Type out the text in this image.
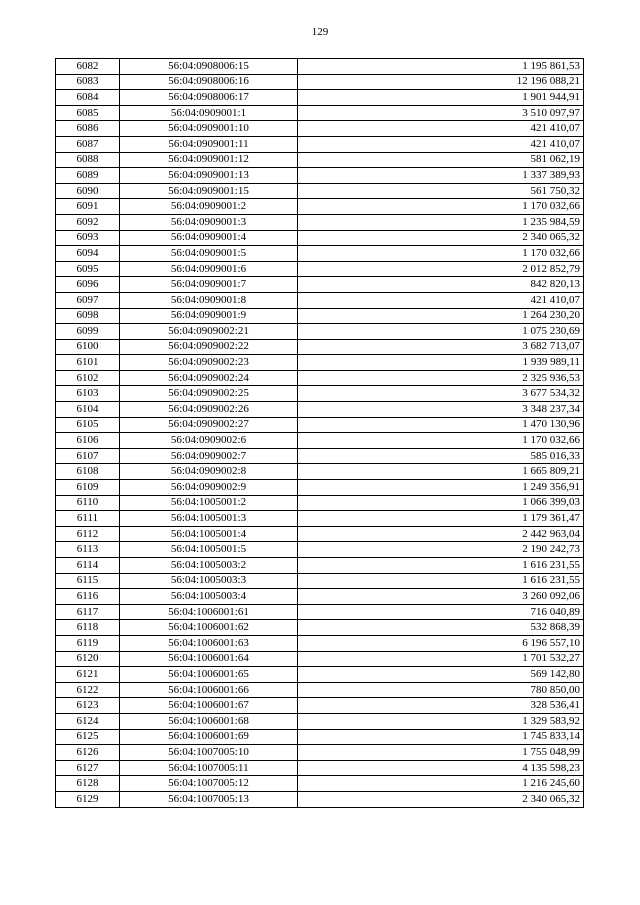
129
6082	56:04:0908006:15	1 195 861,53
6083	56:04:0908006:16	12 196 088,21
6084	56:04:0908006:17	1 901 944,91
6085	56:04:0909001:1	3 510 097,97
6086	56:04:0909001:10	421 410,07
6087	56:04:0909001:11	421 410,07
6088	56:04:0909001:12	581 062,19
6089	56:04:0909001:13	1 337 389,93
6090	56:04:0909001:15	561 750,32
6091	56:04:0909001:2	1 170 032,66
6092	56:04:0909001:3	1 235 984,59
6093	56:04:0909001:4	2 340 065,32
6094	56:04:0909001:5	1 170 032,66
6095	56:04:0909001:6	2 012 852,79
6096	56:04:0909001:7	842 820,13
6097	56:04:0909001:8	421 410,07
6098	56:04:0909001:9	1 264 230,20
6099	56:04:0909002:21	1 075 230,69
6100	56:04:0909002:22	3 682 713,07
6101	56:04:0909002:23	1 939 989,11
6102	56:04:0909002:24	2 325 936,53
6103	56:04:0909002:25	3 677 534,32
6104	56:04:0909002:26	3 348 237,34
6105	56:04:0909002:27	1 470 130,96
6106	56:04:0909002:6	1 170 032,66
6107	56:04:0909002:7	585 016,33
6108	56:04:0909002:8	1 665 809,21
6109	56:04:0909002:9	1 249 356,91
6110	56:04:1005001:2	1 066 399,03
6111	56:04:1005001:3	1 179 361,47
6112	56:04:1005001:4	2 442 963,04
6113	56:04:1005001:5	2 190 242,73
6114	56:04:1005003:2	1 616 231,55
6115	56:04:1005003:3	1 616 231,55
6116	56:04:1005003:4	3 260 092,06
6117	56:04:1006001:61	716 040,89
6118	56:04:1006001:62	532 868,39
6119	56:04:1006001:63	6 196 557,10
6120	56:04:1006001:64	1 701 532,27
6121	56:04:1006001:65	569 142,80
6122	56:04:1006001:66	780 850,00
6123	56:04:1006001:67	328 536,41
6124	56:04:1006001:68	1 329 583,92
6125	56:04:1006001:69	1 745 833,14
6126	56:04:1007005:10	1 755 048,99
6127	56:04:1007005:11	4 135 598,23
6128	56:04:1007005:12	1 216 245,60
6129	56:04:1007005:13	2 340 065,32
